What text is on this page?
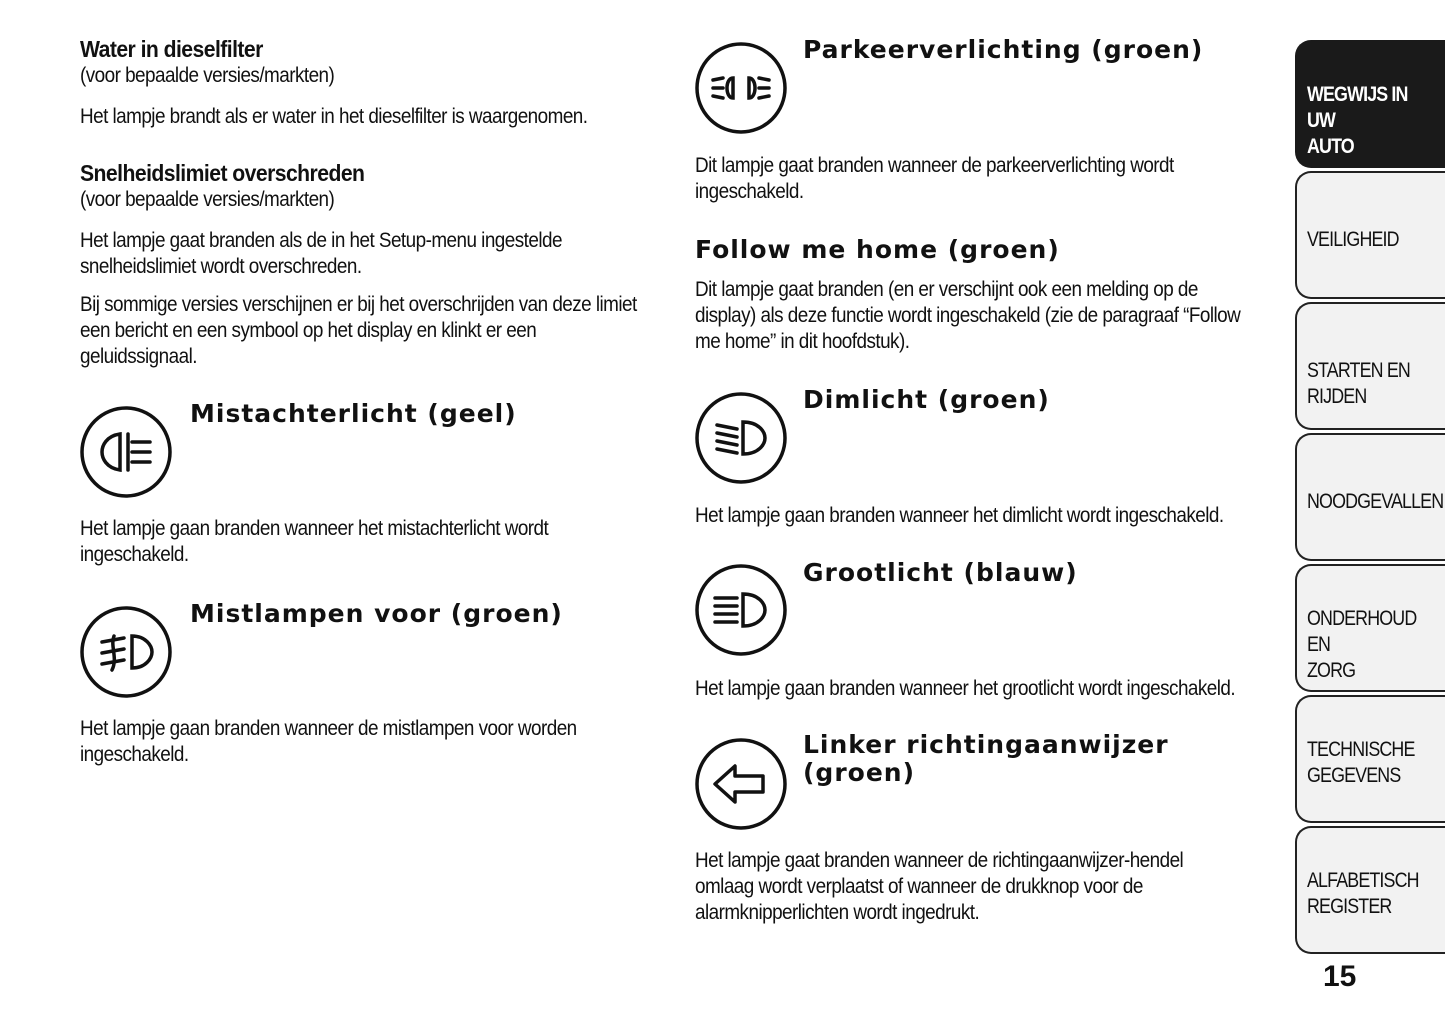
Water in dieselfilter
(voor bepaalde versies/markten)
Het lampje brandt als er water in het dieselfilter is waargenomen.
Snelheidslimiet overschreden
(voor bepaalde versies/markten)
Het lampje gaat branden als de in het Setup-menu ingestelde
snelheidslimiet wordt overschreden.
Bij sommige versies verschijnen er bij het overschrijden van deze limiet
een bericht en een symbool op het display en klinkt er een
geluidssignaal.
Mistachterlicht (geel)
Het lampje gaan branden wanneer het mistachterlicht wordt
ingeschakeld.
Mistlampen voor (groen)
Het lampje gaan branden wanneer de mistlampen voor worden
ingeschakeld.
Parkeerverlichting (groen)
Dit lampje gaat branden wanneer de parkeerverlichting wordt
ingeschakeld.
Follow me home (groen)
Dit lampje gaat branden (en er verschijnt ook een melding op de
display) als deze functie wordt ingeschakeld (zie de paragraaf “Follow
me home” in dit hoofdstuk).
Dimlicht (groen)
Het lampje gaan branden wanneer het dimlicht wordt ingeschakeld.
Grootlicht (blauw)
Het lampje gaan branden wanneer het grootlicht wordt ingeschakeld.
Linker richtingaanwijzer
(groen)
Het lampje gaat branden wanneer de richtingaanwijzer-hendel
omlaag wordt verplaatst of wanneer de drukknop voor de
alarmknipperlichten wordt ingedrukt.
WEGWIJS IN UW
AUTO
VEILIGHEID
STARTEN EN RIJDEN
NOODGEVALLEN
ONDERHOUD EN
ZORG
TECHNISCHE
GEGEVENS
ALFABETISCH
REGISTER
15
